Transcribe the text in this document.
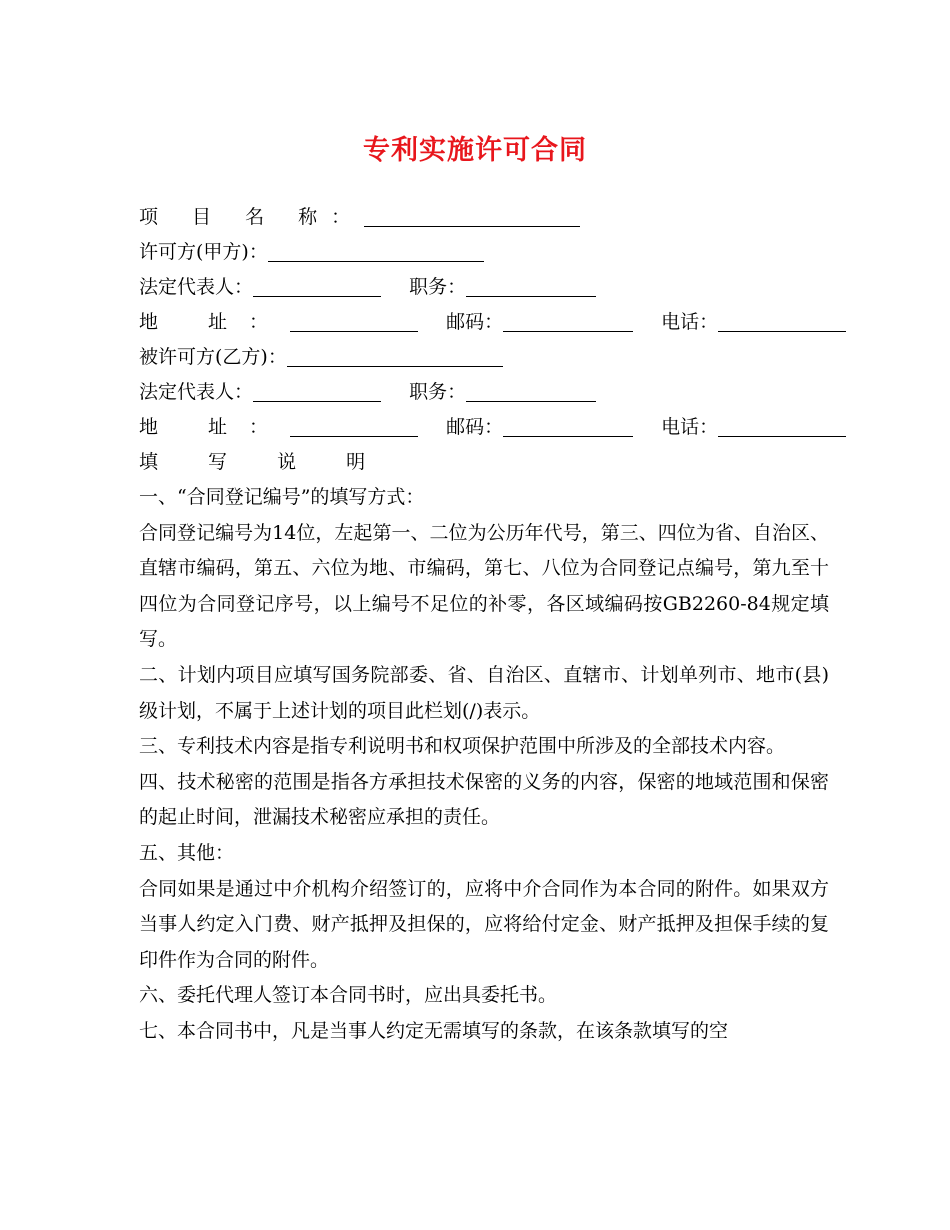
专利实施许可合同
项 目 名 称：
许可方(甲方)：
法定代表人：	职务：
地 址：	邮码：	电话：
被许可方(乙方)：
法定代表人：	职务：
地 址：	邮码：	电话：
填 写 说 明
一、“合同登记编号”的填写方式：
合同登记编号为14位，左起第一、二位为公历年代号，第三、四位为省、自治区、直辖市编码，第五、六位为地、市编码，第七、八位为合同登记点编号，第九至十四位为合同登记序号，以上编号不足位的补零，各区域编码按GB2260-84规定填写。
二、计划内项目应填写国务院部委、省、自治区、直辖市、计划单列市、地市(县)级计划，不属于上述计划的项目此栏划(/)表示。
三、专利技术内容是指专利说明书和权项保护范围中所涉及的全部技术内容。
四、技术秘密的范围是指各方承担技术保密的义务的内容，保密的地域范围和保密的起止时间，泄漏技术秘密应承担的责任。
五、其他：
合同如果是通过中介机构介绍签订的，应将中介合同作为本合同的附件。如果双方当事人约定入门费、财产抵押及担保的，应将给付定金、财产抵押及担保手续的复印件作为合同的附件。
六、委托代理人签订本合同书时，应出具委托书。
七、本合同书中，凡是当事人约定无需填写的条款，在该条款填写的空
